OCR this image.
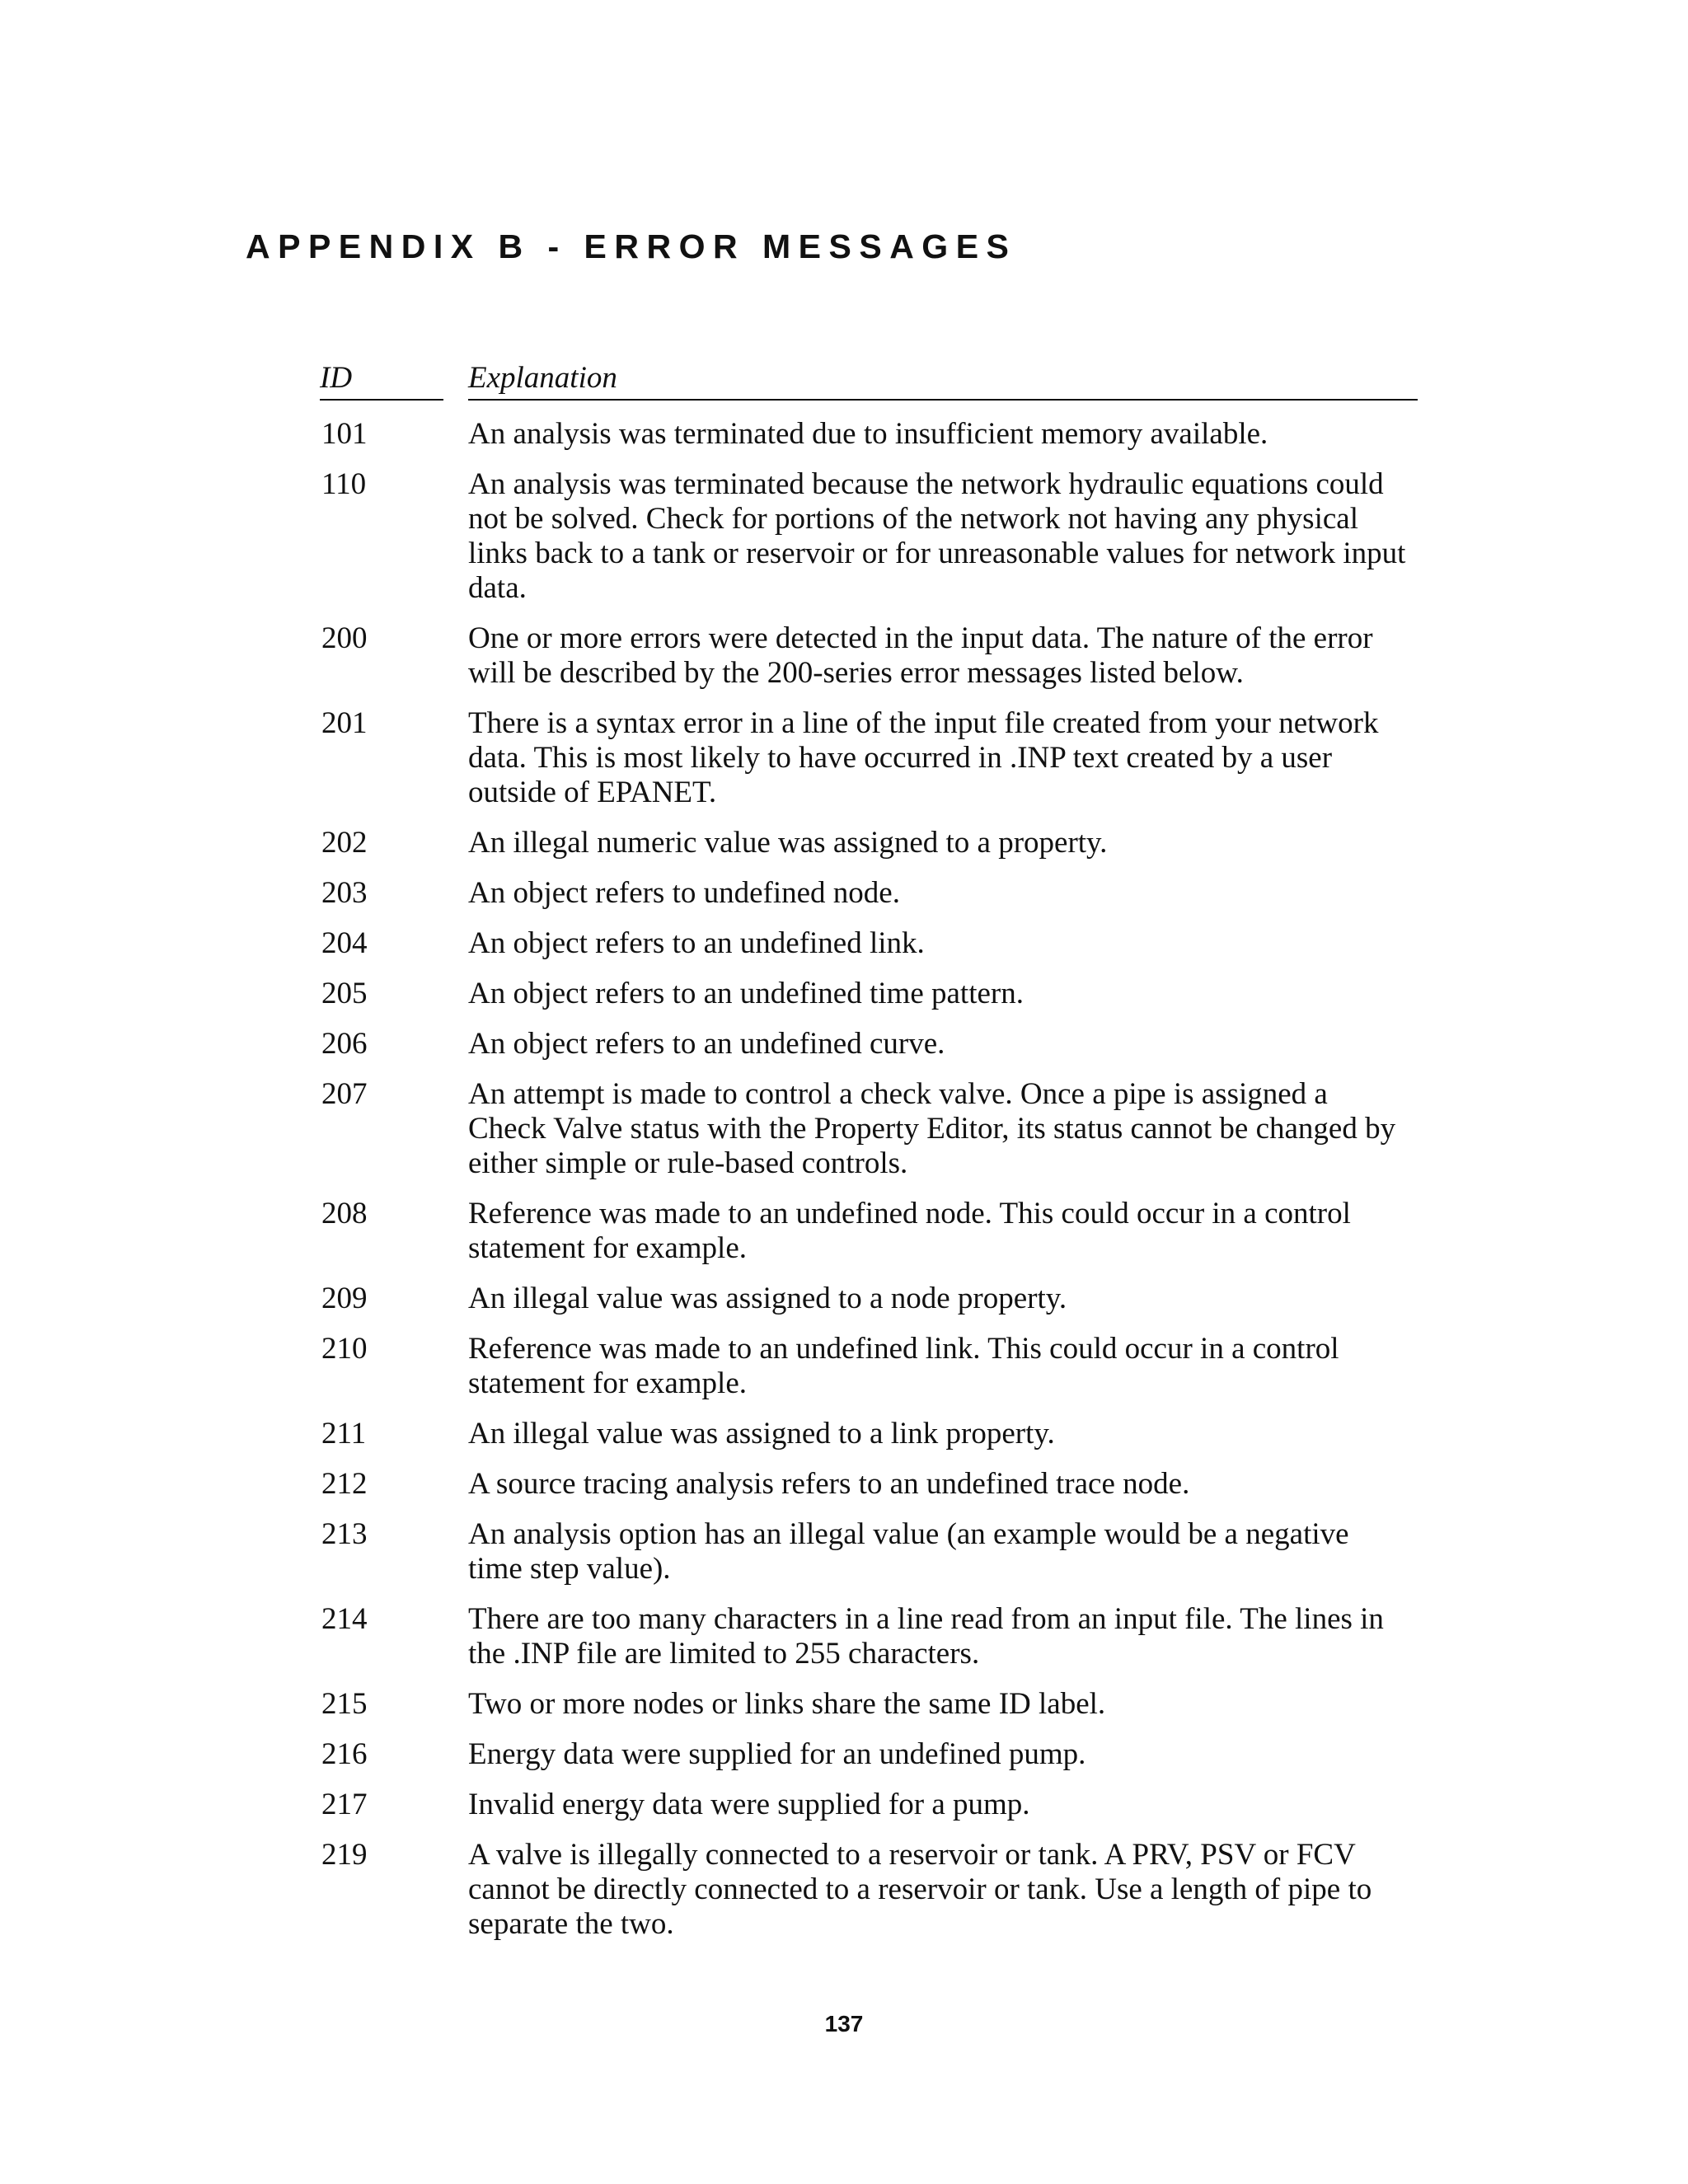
APPENDIX B - ERROR MESSAGES
ID	Explanation
101	An analysis was terminated due to insufficient memory available.
110	An analysis was terminated because the network hydraulic equations could not be solved. Check for portions of the network not having any physical links back to a tank or reservoir or for unreasonable values for network input data.
200	One or more errors were detected in the input data. The nature of the error will be described by the 200-series error messages listed below.
201	There is a syntax error in a line of the input file created from your network data. This is most likely to have occurred in .INP text created by a user outside of EPANET.
202	An illegal numeric value was assigned to a property.
203	An object refers to undefined node.
204	An object refers to an undefined link.
205	An object refers to an undefined time pattern.
206	An object refers to an undefined curve.
207	An attempt is made to control a check valve. Once a pipe is assigned a Check Valve status with the Property Editor, its status cannot be changed by either simple or rule-based controls.
208	Reference was made to an undefined node. This could occur in a control statement for example.
209	An illegal value was assigned to a node property.
210	Reference was made to an undefined link. This could occur in a control statement for example.
211	An illegal value was assigned to a link property.
212	A source tracing analysis refers to an undefined trace node.
213	An analysis option has an illegal value (an example would be a negative time step value).
214	There are too many characters in a line read from an input file. The lines in the .INP file are limited to 255 characters.
215	Two or more nodes or links share the same ID label.
216	Energy data were supplied for an undefined pump.
217	Invalid energy data were supplied for a pump.
219	A valve is illegally connected to a reservoir or tank. A PRV, PSV or FCV cannot be directly connected to a reservoir or tank. Use a length of pipe to separate the two.
137
